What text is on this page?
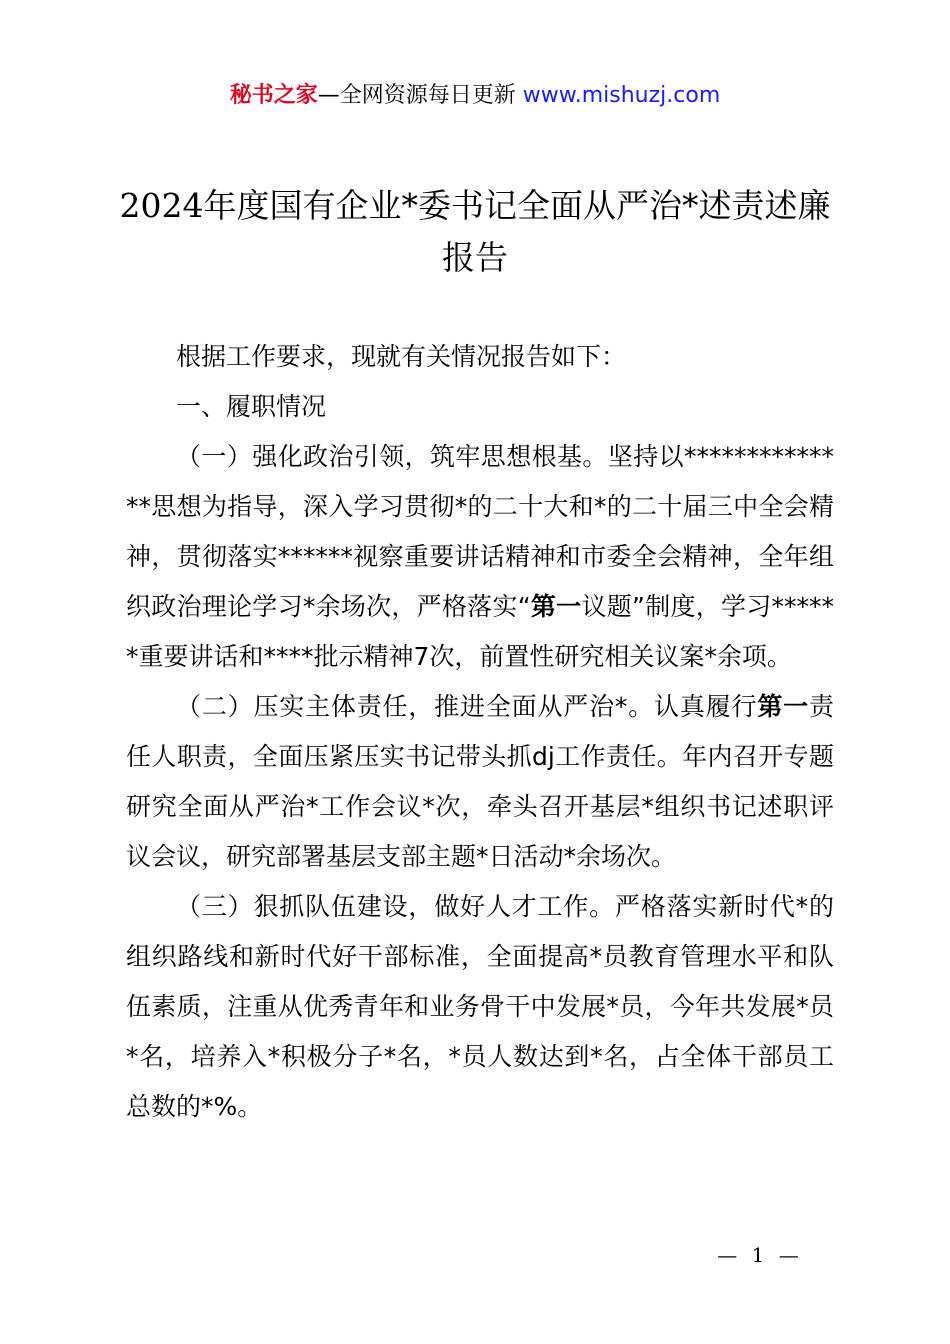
秘书之家—全网资源每日更新 www.mishuzj.com
2024年度国有企业*委书记全面从严治*述责述廉报告

根据工作要求，现就有关情况报告如下：

一、履职情况

（一）强化政治引领，筑牢思想根基。坚持以**************思想为指导，深入学习贯彻*的二十大和*的二十届三中全会精神，贯彻落实******视察重要讲话精神和市委全会精神，全年组织政治理论学习*余场次，严格落实“第一议题”制度，学习******重要讲话和****批示精神7次，前置性研究相关议案*余项。

（二）压实主体责任，推进全面从严治*。认真履行第一责任人职责，全面压紧压实书记带头抓dj工作责任。年内召开专题研究全面从严治*工作会议*次，牵头召开基层*组织书记述职评议会议，研究部署基层支部主题*日活动*余场次。

（三）狠抓队伍建设，做好人才工作。严格落实新时代*的组织路线和新时代好干部标准，全面提高*员教育管理水平和队伍素质，注重从优秀青年和业务骨干中发展*员，今年共发展*员*名，培养入*积极分子*名，*员人数达到*名，占全体干部员工总数的*%。

— 1 —
